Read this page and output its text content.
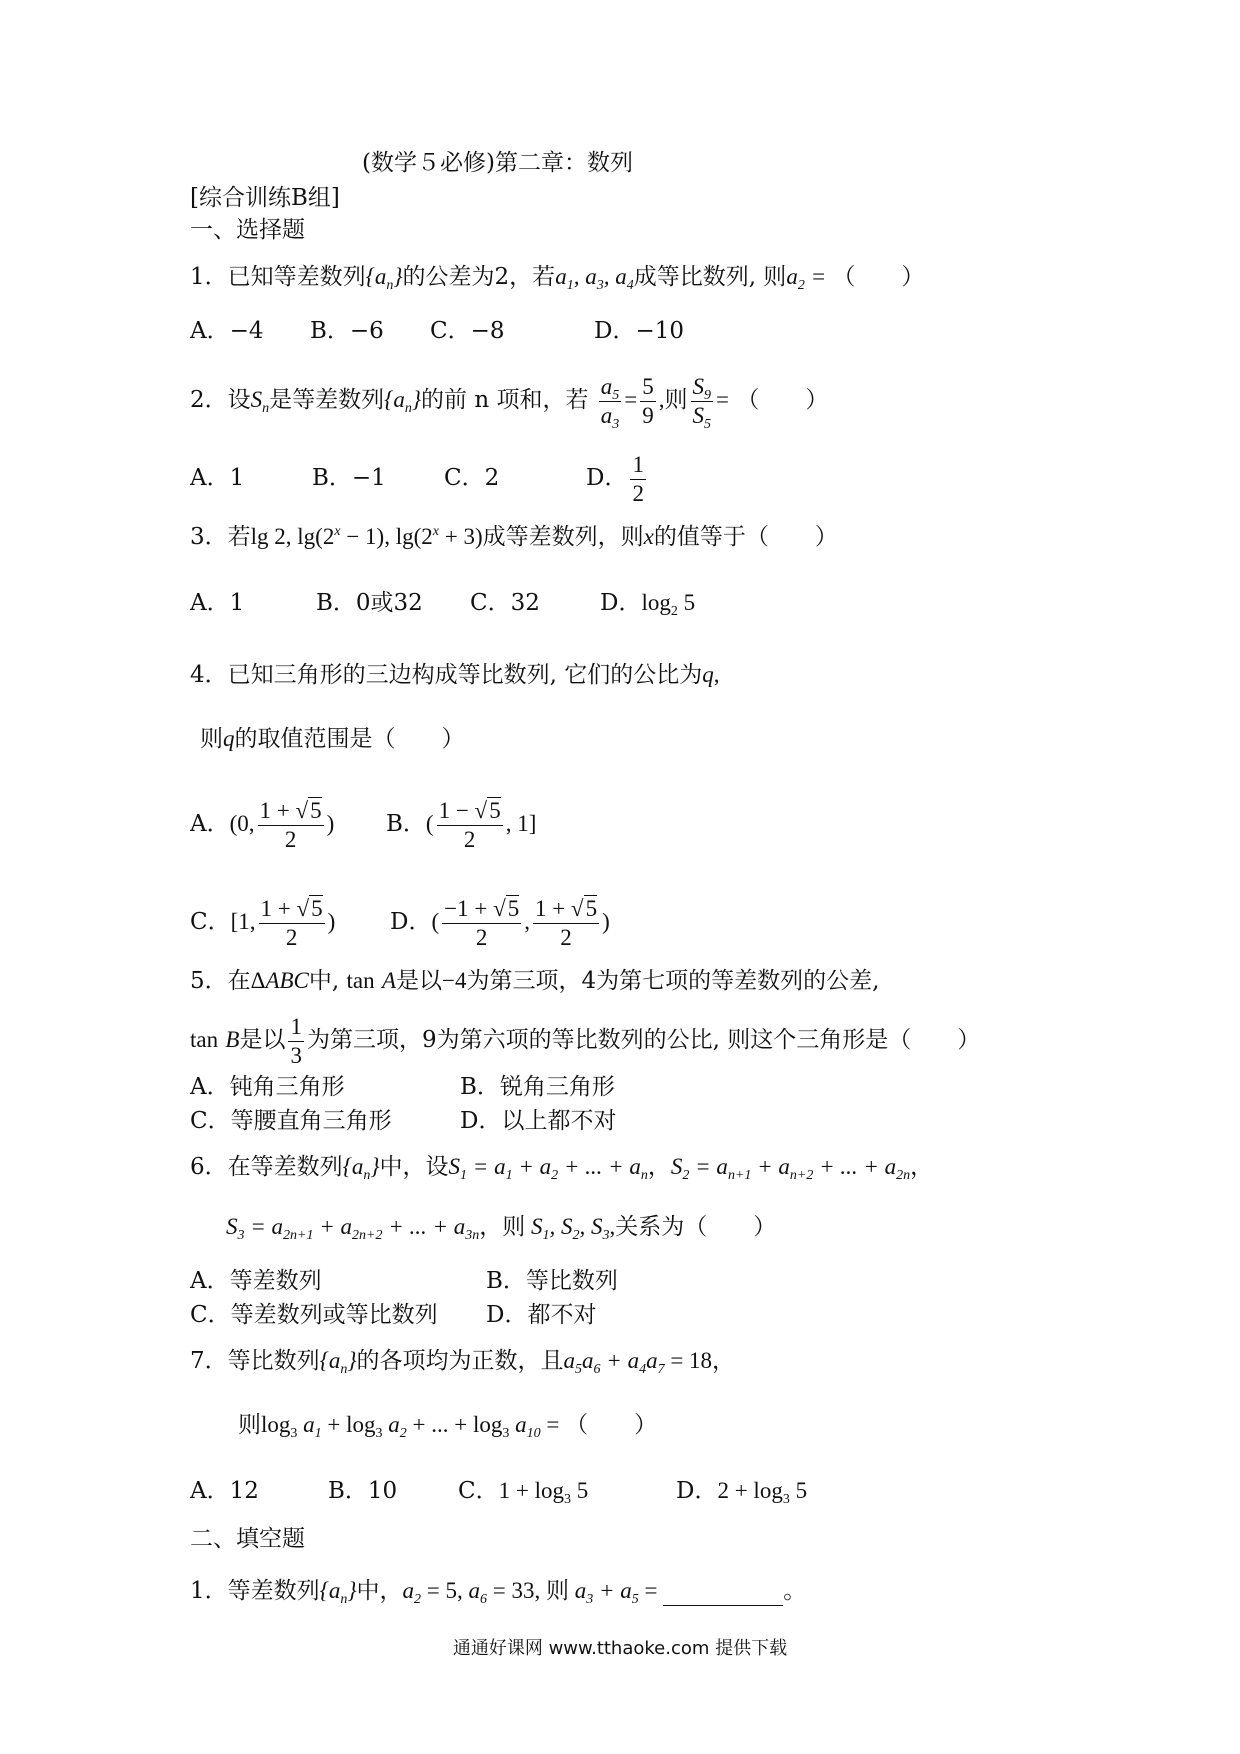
(数学５必修)第二章：数列
[综合训练B组]
一、选择题
1．已知等差数列$\{a_n\}$的公差为2，若$a_1$, $a_3$, $a_4$成等比数列, 则$a_2$ = （　　）
A．−4 B．−6 C．−8	D．−10
2．设$S_n$是等差数列$\{a_n\}$的前 n 项和，若 $\frac{a_5}{a_3} = \frac{5}{9}$ ,则 $\frac{S_9}{S_5}$ = （　　）
A．1	B．−1	C．2	D． $\frac{1}{2}$
3．若lg 2, $\lg(2^x - 1)$, $\lg(2^x + 3)$成等差数列，则x的值等于（　　）
A．1	B．0或32 C．32	D．$\log_2 5$
4．已知三角形的三边构成等比数列, 它们的公比为q,
则q的取值范围是（　　）
A．(0, $\frac{1 + √5}{2}$ ) B．( $\frac{1 - √5}{2}$ , 1]
C．[1, $\frac{1 + √5}{2}$ ) D．( $\frac{-1 + √5}{2}$ , $\frac{1 + √5}{2}$ )
5．在ΔABC中, tan A是以−4为第三项，4为第七项的等差数列的公差,
tan B是以 $\frac{1}{3}$ 为第三项，9为第六项的等比数列的公比, 则这个三角形是（　　）
A．钝角三角形	B．锐角三角形
C．等腰直角三角形	D．以上都不对
6．在等差数列$\{a_n\}$中，设$S_1 = a_1 + a_2$ + ... + $a_n$，$S_2 = a_{n+1} + a_{n+2}$ + ... + $a_{2n}$，
$S_3 = a_{2n+1} + a_{2n+2}$ + ... + $a_{3n}$，则 $S_1$, $S_2$, $S_3$,关系为（　　）
A．等差数列	B．等比数列
C．等差数列或等比数列 D．都不对
7．等比数列$\{a_n\}$的各项均为正数，且$a_5a_6 + a_4a_7 = 18$，
则$\log_3 a_1 + \log_3 a_2$ + ... + $\log_3 a_{10}$ = （　　）
A．12	B．10	C．$1 + \log_3 5$	D．$2 + \log_3 5$
二、填空题
1．等差数列$\{a_n\}$中，$a_2 = 5$, $a_6 = 33$, 则 $a_3 + a_5$ =	。
通通好课网 www.tthaoke.com 提供下载
